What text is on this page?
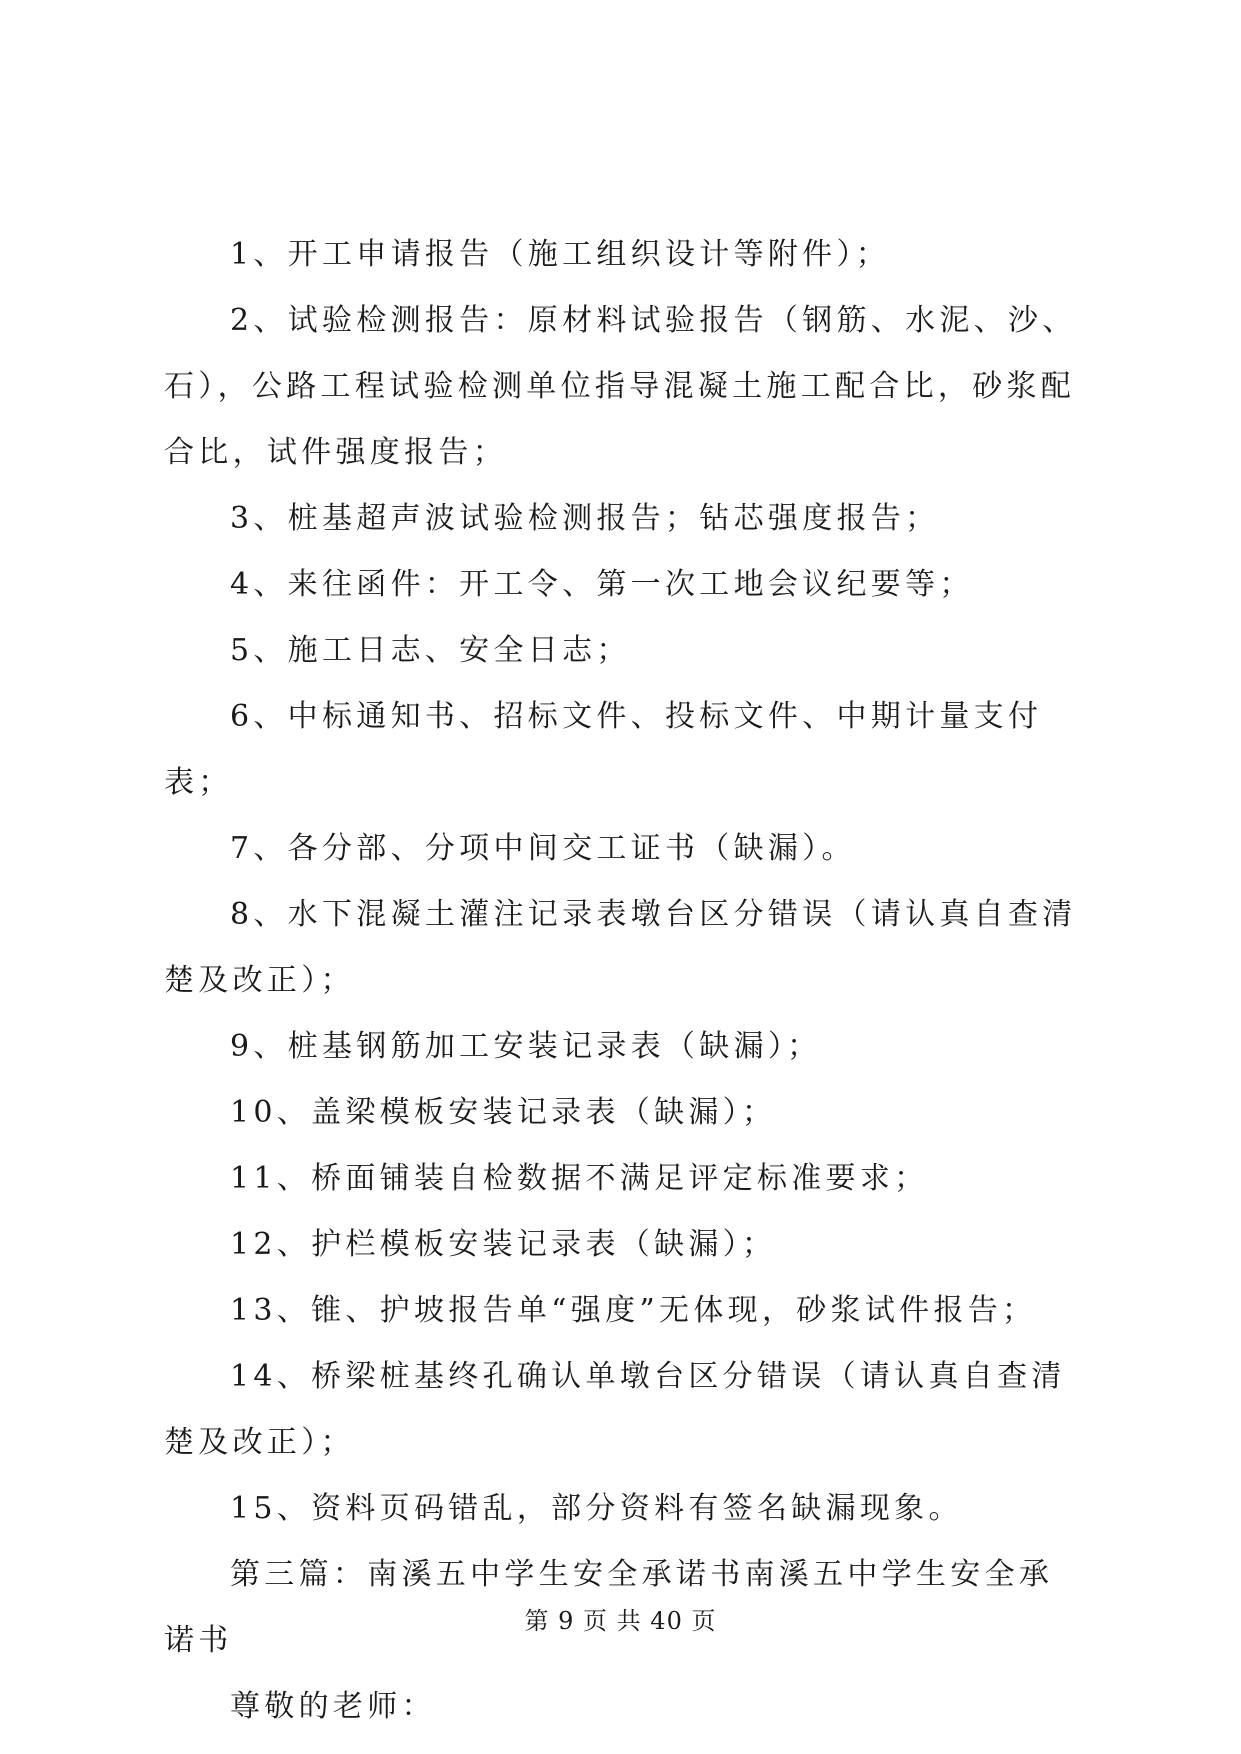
1、开工申请报告（施工组织设计等附件）；

2、试验检测报告：原材料试验报告（钢筋、水泥、沙、石），公路工程试验检测单位指导混凝土施工配合比，砂浆配合比，试件强度报告；

3、桩基超声波试验检测报告；钻芯强度报告；

4、来往函件：开工令、第一次工地会议纪要等；

5、施工日志、安全日志；

6、中标通知书、招标文件、投标文件、中期计量支付表；

7、各分部、分项中间交工证书（缺漏）。

8、水下混凝土灌注记录表墩台区分错误（请认真自查清楚及改正）；

9、桩基钢筋加工安装记录表（缺漏）；

10、盖梁模板安装记录表（缺漏）；

11、桥面铺装自检数据不满足评定标准要求；

12、护栏模板安装记录表（缺漏）；

13、锥、护坡报告单“强度”无体现，砂浆试件报告；

14、桥梁桩基终孔确认单墩台区分错误（请认真自查清楚及改正）；

15、资料页码错乱，部分资料有签名缺漏现象。

第三篇：南溪五中学生安全承诺书南溪五中学生安全承诺书

尊敬的老师：

第 9 页 共 40 页
